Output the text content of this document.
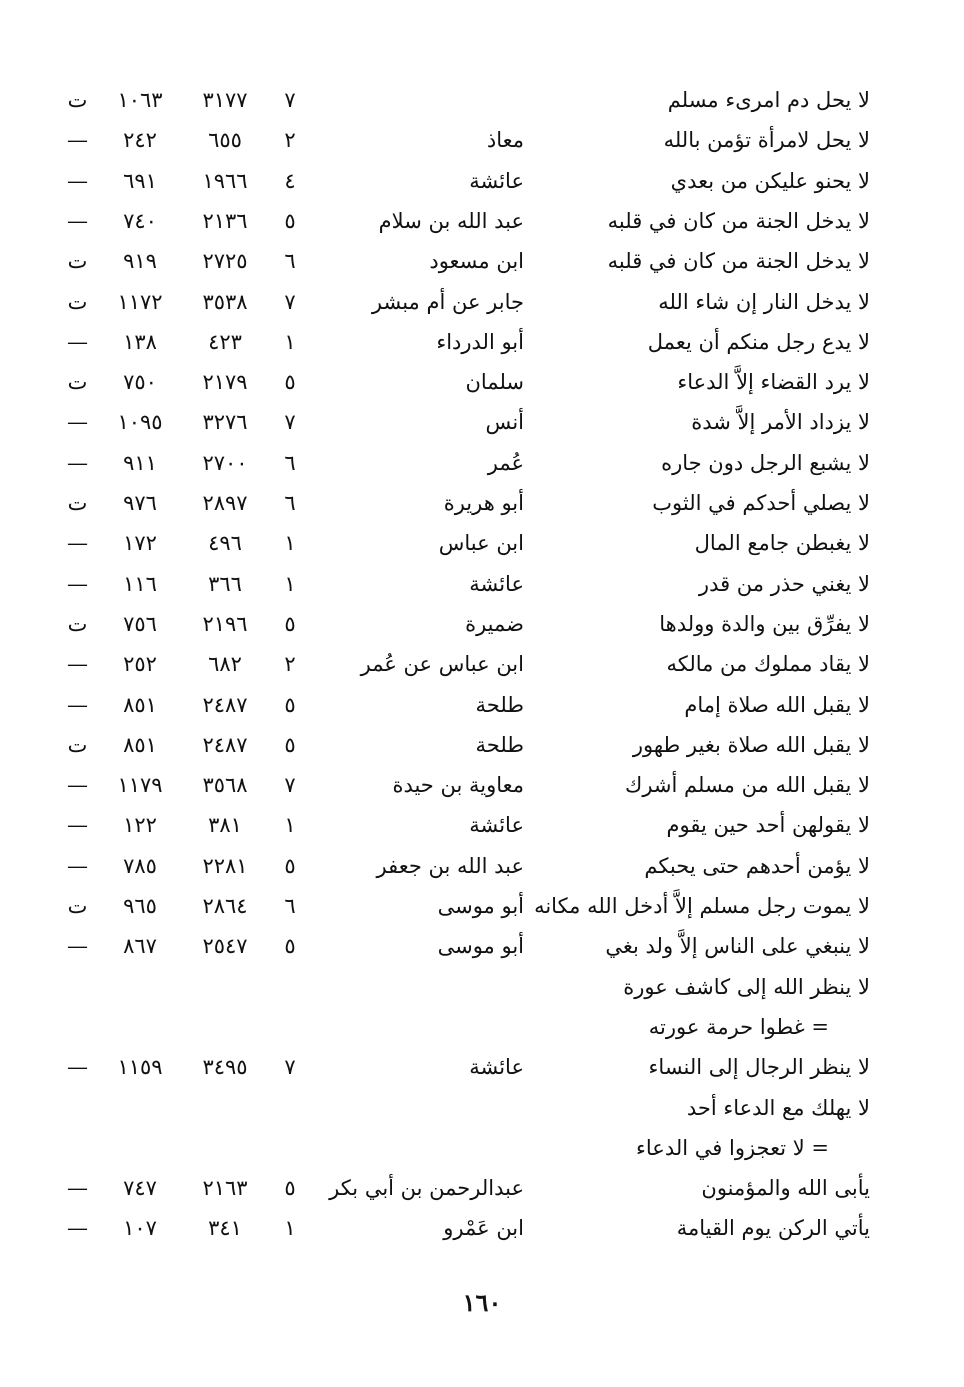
لا يحل دم امرىء مسلم
٧
٣١٧٧
١٠٦٣
ت
لا يحل لامرأة تؤمن بالله
معاذ
٢
٦٥٥
٢٤٢
—
لا يحنو عليكن من بعدي
عائشة
٤
١٩٦٦
٦٩١
—
لا يدخل الجنة من كان في قلبه
عبد الله بن سلام
٥
٢١٣٦
٧٤٠
—
لا يدخل الجنة من كان في قلبه
ابن مسعود
٦
٢٧٢٥
٩١٩
ت
لا يدخل النار إن شاء الله
جابر عن أم مبشر
٧
٣٥٣٨
١١٧٢
ت
لا يدع رجل منكم أن يعمل
أبو الدرداء
١
٤٢٣
١٣٨
—
لا يرد القضاء إلاَّ الدعاء
سلمان
٥
٢١٧٩
٧٥٠
ت
لا يزداد الأمر إلاَّ شدة
أنس
٧
٣٢٧٦
١٠٩٥
—
لا يشبع الرجل دون جاره
عُمر
٦
٢٧٠٠
٩١١
—
لا يصلي أحدكم في الثوب
أبو هريرة
٦
٢٨٩٧
٩٧٦
ت
لا يغبطن جامع المال
ابن عباس
١
٤٩٦
١٧٢
—
لا يغني حذر من قدر
عائشة
١
٣٦٦
١١٦
—
لا يفرِّق بين والدة وولدها
ضميرة
٥
٢١٩٦
٧٥٦
ت
لا يقاد مملوك من مالكه
ابن عباس عن عُمر
٢
٦٨٢
٢٥٢
—
لا يقبل الله صلاة إمام
طلحة
٥
٢٤٨٧
٨٥١
—
لا يقبل الله صلاة بغير طهور
طلحة
٥
٢٤٨٧
٨٥١
ت
لا يقبل الله من مسلم أشرك
معاوية بن حيدة
٧
٣٥٦٨
١١٧٩
—
لا يقولهن أحد حين يقوم
عائشة
١
٣٨١
١٢٢
—
لا يؤمن أحدهم حتى يحبكم
عبد الله بن جعفر
٥
٢٢٨١
٧٨٥
—
لا يموت رجل مسلم إلاَّ أدخل الله مكانه
أبو موسى
٦
٢٨٦٤
٩٦٥
ت
لا ينبغي على الناس إلاَّ ولد بغي
أبو موسى
٥
٢٥٤٧
٨٦٧
—
لا ينظر الله إلى كاشف عورة
= غطوا حرمة عورته
لا ينظر الرجال إلى النساء
عائشة
٧
٣٤٩٥
١١٥٩
—
لا يهلك مع الدعاء أحد
= لا تعجزوا في الدعاء
يأبى الله والمؤمنون
عبدالرحمن بن أبي بكر
٥
٢١٦٣
٧٤٧
—
يأتي الركن يوم القيامة
ابن عَمْرو
١
٣٤١
١٠٧
—
١٦٠
